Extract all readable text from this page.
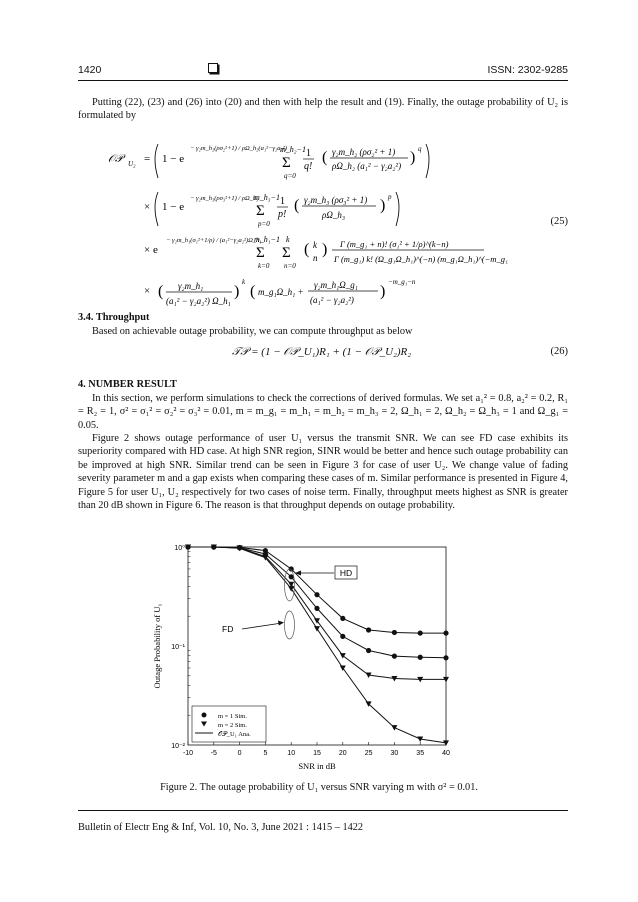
1420	ISSN: 2302-9285
Putting (22), (23) and (26) into (20) and then with help the result and (19). Finally, the outage probability of U₂ is formulated by
𝒪𝒫 U₂ = 1 − e
− γ₂m_h₂(ρσ₂²+1) / ρΩ_h₂(a₁²−γ₂a₂²)
m_h₂−1
Σ
q=0
1
q!
( γ₂m_h₂ (ρσ₂² + 1)
ρΩ_h₂ (a₁² − γ₂a₂²) ) q
× 1 − e
− γ₂m_h₃(ρσ₃²+1) / ρΩ_h₃
m_h₃−1
Σ
p=0
1
p!
( γ₂m_h₃ (ρσ₃² + 1)
ρΩ_h₃
) p
× e
− γ₂m_h₁(σ₁²+1/ρ) / (a₁²−γ₂a₂²)Ω_h₁
m_h₁−1
Σ
k=0
k
Σ
n=0
( k
n ) Γ (m_g₁ + n)! (σ₁² + 1/ρ)^(k−n)
Γ (m_g₁) k! (Ω_g₁Ω_h₁)^(−n) (m_g₁Ω_h₁)^(−m_g₁)
× ( γ₂m_h₁
(a₁² − γ₂a₂²) Ω_h₁
)
k
( m_g₁Ω_h₁ +
γ₂m_h₁Ω_g₁
(a₁² − γ₂a₂²) )
−m_g₁−n
(25)
3.4. Throughput
Based on achievable outage probability, we can compute throughput as below
𝒯𝒫 = (1 − 𝒪𝒫_U₁)R₁ + (1 − 𝒪𝒫_U₂)R₂	(26)
4. NUMBER RESULT
In this section, we perform simulations to check the corrections of derived formulas. We set a₁² = 0.8, a₂² = 0.2, R₁ = R₂ = 1, σ² = σ₁² = σ₂² = σ₃² = 0.01, m = m_g₁ = m_h₁ = m_h₂ = m_h₃ = 2, Ω_h₁ = 2, Ω_h₂ = Ω_h₃ = 1 and Ω_g₁ = 0.05.
Figure 2 shows outage performance of user U₁ versus the transmit SNR. We can see FD case exhibits its superiority compared with HD case. At high SNR region, SINR would be better and hence such outage probability can be improved at high SNR. Similar trend can be seen in Figure 3 for case of user U₂. We change value of fading severity parameter m and a gap exists when comparing these cases of m. Similar performance is presented in Figure 4, Figure 5 for user U₁, U₂ respectively for two cases of noise term. Finally, throughput meets highest as SNR is greater than 20 dB shown in Figure 6. The reason is that throughput depends on outage probability.
-10	-5	0	5	10	15	20	25	30	35	40
10⁰
10⁻¹
10⁻²
SNR in dB
Outage Probability of U₁
HD
FD
m = 1 Sim.
m = 2 Sim.
𝒪𝒫_U₁ Ana.
Figure 2. The outage probability of U₁ versus SNR varying m with σ² = 0.01.
Bulletin of Electr Eng & Inf, Vol. 10, No. 3, June 2021 : 1415 – 1422
